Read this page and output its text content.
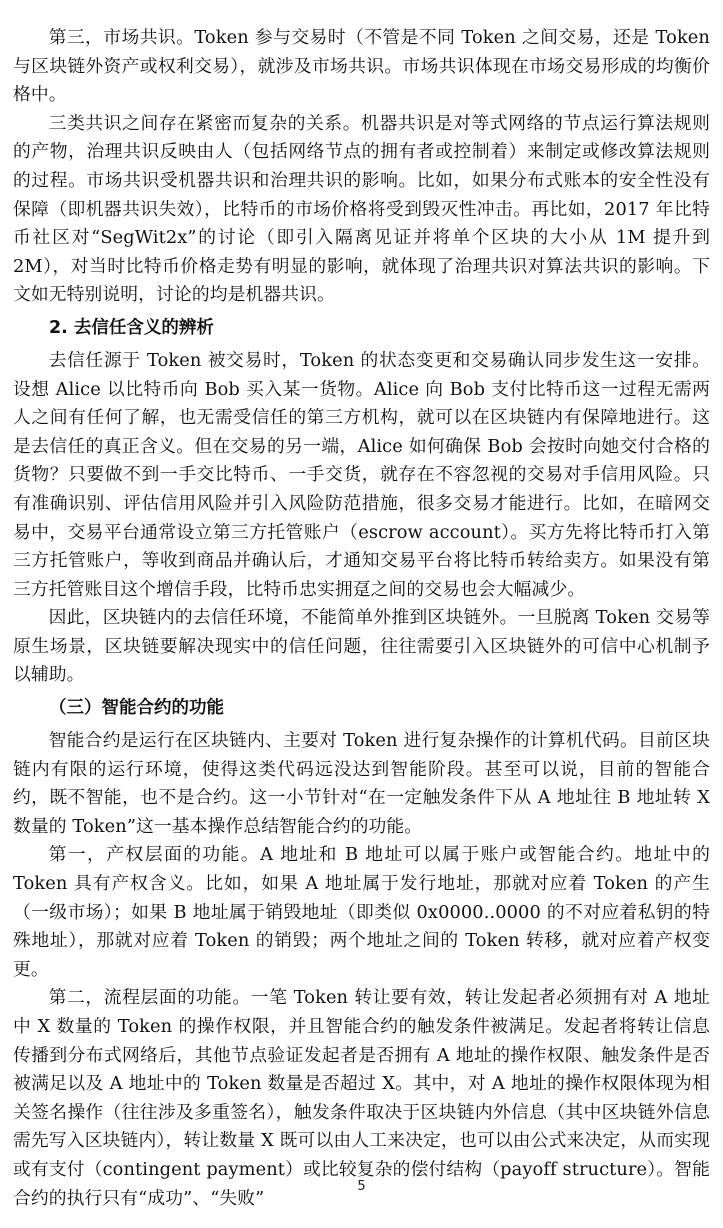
第三，市场共识。Token 参与交易时（不管是不同 Token 之间交易，还是 Token 与区块链外资产或权利交易），就涉及市场共识。市场共识体现在市场交易形成的均衡价格中。

三类共识之间存在紧密而复杂的关系。机器共识是对等式网络的节点运行算法规则的产物，治理共识反映由人（包括网络节点的拥有者或控制着）来制定或修改算法规则的过程。市场共识受机器共识和治理共识的影响。比如，如果分布式账本的安全性没有保障（即机器共识失效），比特币的市场价格将受到毁灭性冲击。再比如，2017 年比特币社区对“SegWit2x”的讨论（即引入隔离见证并将单个区块的大小从 1M 提升到 2M），对当时比特币价格走势有明显的影响，就体现了治理共识对算法共识的影响。下文如无特别说明，讨论的均是机器共识。

2. 去信任含义的辨析

去信任源于 Token 被交易时，Token 的状态变更和交易确认同步发生这一安排。设想 Alice 以比特币向 Bob 买入某一货物。Alice 向 Bob 支付比特币这一过程无需两人之间有任何了解，也无需受信任的第三方机构，就可以在区块链内有保障地进行。这是去信任的真正含义。但在交易的另一端，Alice 如何确保 Bob 会按时向她交付合格的货物？只要做不到一手交比特币、一手交货，就存在不容忽视的交易对手信用风险。只有准确识别、评估信用风险并引入风险防范措施，很多交易才能进行。比如，在暗网交易中，交易平台通常设立第三方托管账户（escrow account）。买方先将比特币打入第三方托管账户，等收到商品并确认后，才通知交易平台将比特币转给卖方。如果没有第三方托管账目这个增信手段，比特币忠实拥趸之间的交易也会大幅减少。

因此，区块链内的去信任环境，不能简单外推到区块链外。一旦脱离 Token 交易等原生场景，区块链要解决现实中的信任问题，往往需要引入区块链外的可信中心机制予以辅助。

（三）智能合约的功能

智能合约是运行在区块链内、主要对 Token 进行复杂操作的计算机代码。目前区块链内有限的运行环境，使得这类代码远没达到智能阶段。甚至可以说，目前的智能合约，既不智能，也不是合约。这一小节针对“在一定触发条件下从 A 地址往 B 地址转 X 数量的 Token”这一基本操作总结智能合约的功能。

第一，产权层面的功能。A 地址和 B 地址可以属于账户或智能合约。地址中的 Token 具有产权含义。比如，如果 A 地址属于发行地址，那就对应着 Token 的产生（一级市场）；如果 B 地址属于销毁地址（即类似 0x0000..0000 的不对应着私钥的特殊地址），那就对应着 Token 的销毁；两个地址之间的 Token 转移，就对应着产权变更。

第二，流程层面的功能。一笔 Token 转让要有效，转让发起者必须拥有对 A 地址中 X 数量的 Token 的操作权限，并且智能合约的触发条件被满足。发起者将转让信息传播到分布式网络后，其他节点验证发起者是否拥有 A 地址的操作权限、触发条件是否被满足以及 A 地址中的 Token 数量是否超过 X。其中，对 A 地址的操作权限体现为相关签名操作（往往涉及多重签名），触发条件取决于区块链内外信息（其中区块链外信息需先写入区块链内），转让数量 X 既可以由人工来决定，也可以由公式来决定，从而实现或有支付（contingent payment）或比较复杂的偿付结构（payoff structure）。智能合约的执行只有“成功”、“失败”

5
